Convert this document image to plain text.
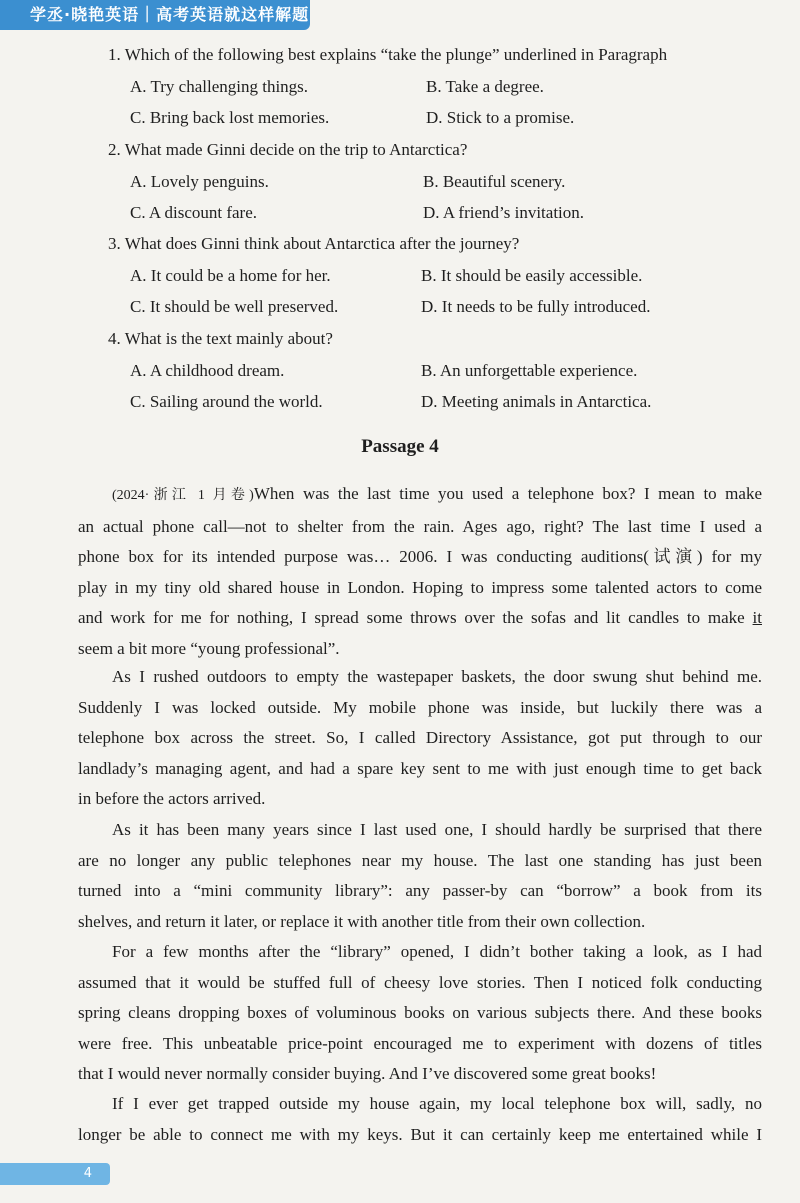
学丞·晓艳英语｜高考英语就这样解题
1. Which of the following best explains “take the plunge” underlined in Paragraph
A. Try challenging things.	B. Take a degree.
C. Bring back lost memories.	D. Stick to a promise.
2. What made Ginni decide on the trip to Antarctica?
A. Lovely penguins.	B. Beautiful scenery.
C. A discount fare.	D. A friend’s invitation.
3. What does Ginni think about Antarctica after the journey?
A. It could be a home for her.	B. It should be easily accessible.
C. It should be well preserved.	D. It needs to be fully introduced.
4. What is the text mainly about?
A. A childhood dream.	B. An unforgettable experience.
C. Sailing around the world.	D. Meeting animals in Antarctica.
Passage 4
(2024·浙江 1 月卷)When was the last time you used a telephone box? I mean to make
an actual phone call—not to shelter from the rain. Ages ago, right? The last time I used a
phone box for its intended purpose was… 2006. I was conducting auditions(试演) for my
play in my tiny old shared house in London. Hoping to impress some talented actors to come
and work for me for nothing, I spread some throws over the sofas and lit candles to make it
seem a bit more “young professional”.
As I rushed outdoors to empty the wastepaper baskets, the door swung shut behind me.
Suddenly I was locked outside. My mobile phone was inside, but luckily there was a
telephone box across the street. So, I called Directory Assistance, got put through to our
landlady’s managing agent, and had a spare key sent to me with just enough time to get back
in before the actors arrived.
As it has been many years since I last used one, I should hardly be surprised that there
are no longer any public telephones near my house. The last one standing has just been
turned into a “mini community library”: any passer-by can “borrow” a book from its
shelves, and return it later, or replace it with another title from their own collection.
For a few months after the “library” opened, I didn’t bother taking a look, as I had
assumed that it would be stuffed full of cheesy love stories. Then I noticed folk conducting
spring cleans dropping boxes of voluminous books on various subjects there. And these books
were free. This unbeatable price-point encouraged me to experiment with dozens of titles
that I would never normally consider buying. And I’ve discovered some great books!
If I ever get trapped outside my house again, my local telephone box will, sadly, no
longer be able to connect me with my keys. But it can certainly keep me entertained while I
4
